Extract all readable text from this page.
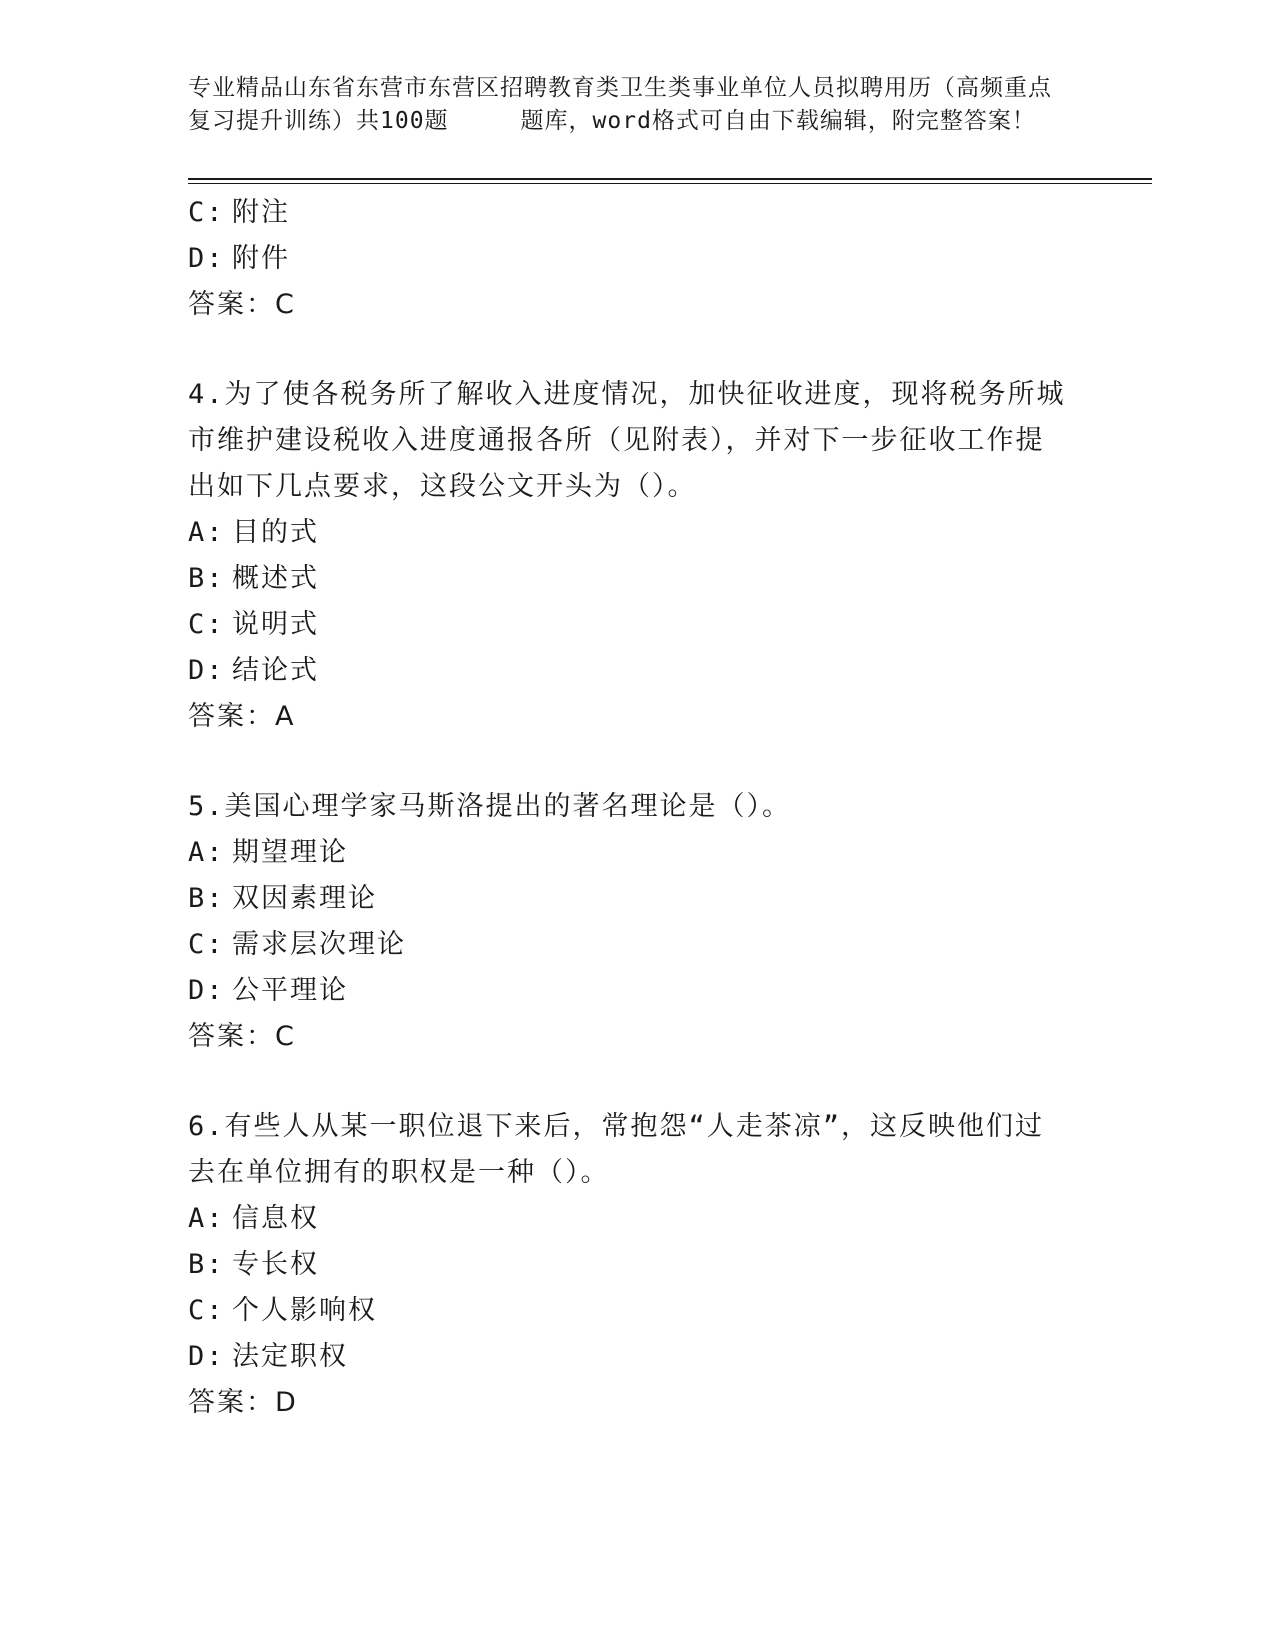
专业精品山东省东营市东营区招聘教育类卫生类事业单位人员拟聘用历（高频重点
复习提升训练）共100题	题库，word格式可自由下载编辑，附完整答案！
C: 附注
D: 附件
答案：C
4.为了使各税务所了解收入进度情况，加快征收进度，现将税务所城
市维护建设税收入进度通报各所（见附表），并对下一步征收工作提
出如下几点要求，这段公文开头为（）。
A: 目的式
B: 概述式
C: 说明式
D: 结论式
答案：A
5.美国心理学家马斯洛提出的著名理论是（）。
A: 期望理论
B: 双因素理论
C: 需求层次理论
D: 公平理论
答案：C
6.有些人从某一职位退下来后，常抱怨“人走茶凉”，这反映他们过
去在单位拥有的职权是一种（）。
A: 信息权
B: 专长权
C: 个人影响权
D: 法定职权
答案：D
